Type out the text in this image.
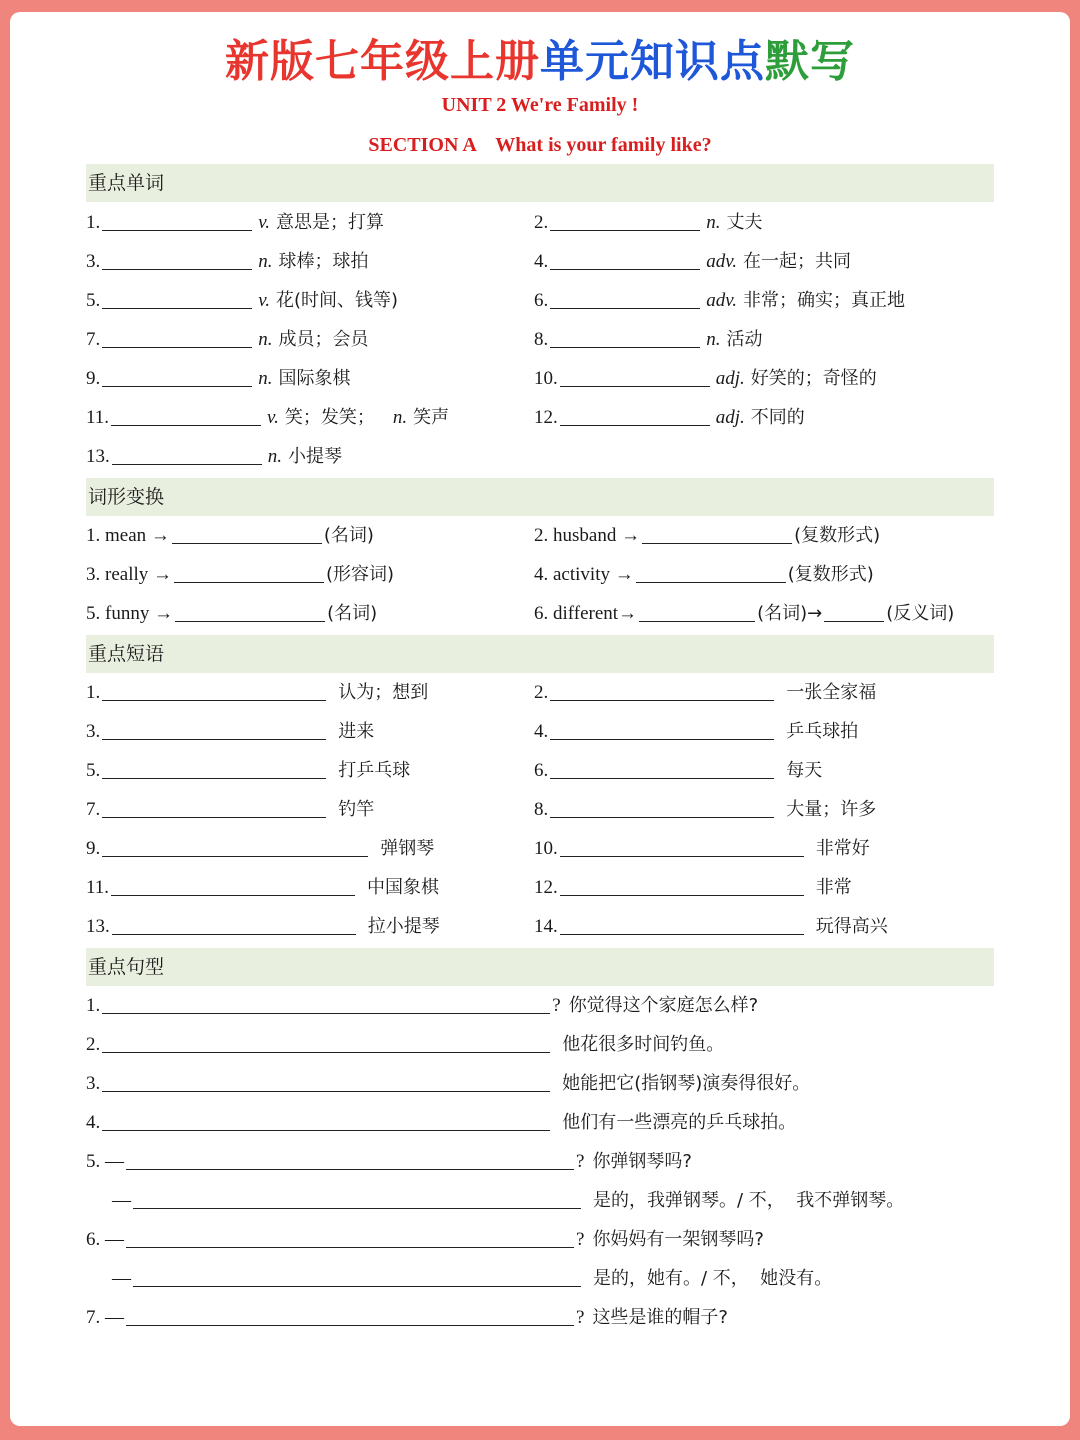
新版七年级上册单元知识点默写
UNIT 2 We're Family !
SECTION A    What is your family like?
重点单词
1.	v. 意思是；打算	2.	n. 丈夫
3.	n. 球棒；球拍	4.	adv. 在一起；共同
5.	v. 花(时间、钱等)	6.	adv. 非常；确实；真正地
7.	n. 成员；会员	8.	n. 活动
9.	n. 国际象棋	10.	adj. 好笑的；奇怪的
11.	v. 笑；发笑； n. 笑声	12.	adj. 不同的
13.	n. 小提琴
词形变换
1. mean →	(名词)	2. husband →	(复数形式)
3. really →	(形容词)	4. activity →	(复数形式)
5. funny →	(名词)	6. different→	(名词)→	(反义词)
重点短语
1.	认为；想到	2.	一张全家福
3.	进来	4.	乒乓球拍
5.	打乒乓球	6.	每天
7.	钓竿	8.	大量；许多
9.	弹钢琴	10.	非常好
11.	中国象棋	12.	非常
13.	拉小提琴	14.	玩得高兴
重点句型
1.	? 你觉得这个家庭怎么样?
2.	他花很多时间钓鱼。
3.	她能把它(指钢琴)演奏得很好。
4.	他们有一些漂亮的乒乓球拍。
5. —	? 你弹钢琴吗?
—	是的，我弹钢琴。/ 不，  我不弹钢琴。
6. —	? 你妈妈有一架钢琴吗?
—	是的，她有。/ 不，  她没有。
7. —	? 这些是谁的帽子?
